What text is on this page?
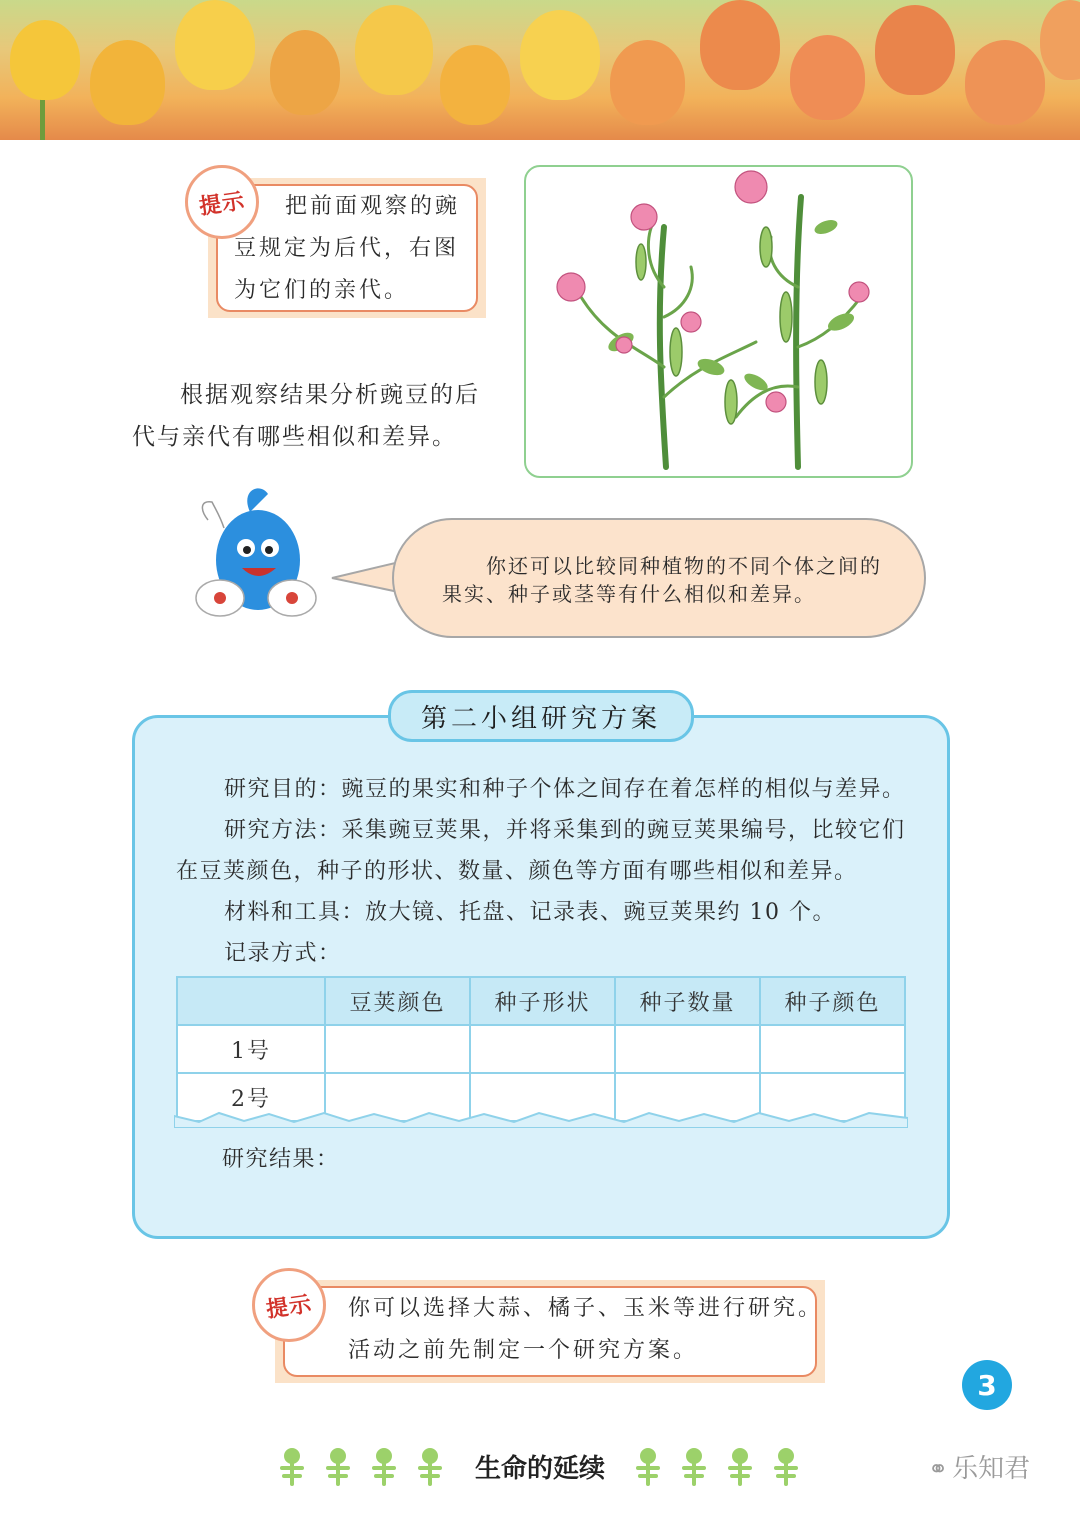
提示 把前面观察的豌
豆规定为后代，右图
为它们的亲代。
根据观察结果分析豌豆的后
代与亲代有哪些相似和差异。
你还可以比较同种植物的不同个体之间的
果实、种子或茎等有什么相似和差异。
第二小组研究方案
研究目的：豌豆的果实和种子个体之间存在着怎样的相似与差异。
研究方法：采集豌豆荚果，并将采集到的豌豆荚果编号，比较它们
在豆荚颜色，种子的形状、数量、颜色等方面有哪些相似和差异。
材料和工具：放大镜、托盘、记录表、豌豆荚果约 10 个。
记录方式：
	豆荚颜色	种子形状	种子数量	种子颜色
1号				
2号				
研究结果：
提示 你可以选择大蒜、橘子、玉米等进行研究。
活动之前先制定一个研究方案。
3
生命的延续	⚭ 乐知君
